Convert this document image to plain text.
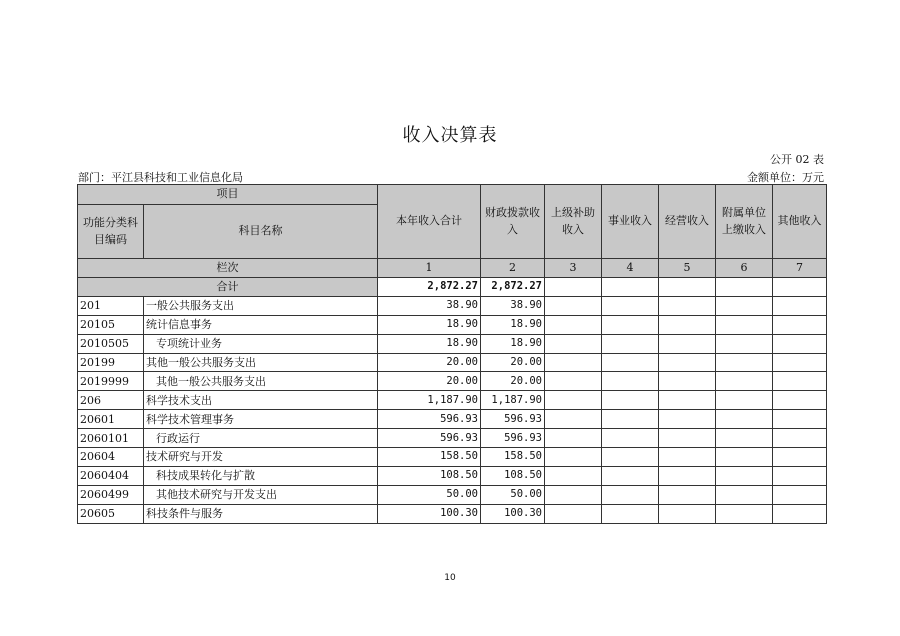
收入决算表
公开 02 表
部门：平江县科技和工业信息化局	金额单位：万元
项目		本年收入合计	财政拨款收入	上级补助收入	事业收入	经营收入	附属单位上缴收入	其他收入
功能分类科目编码	科目名称							
栏次		1	2	3	4	5	6	7
合计		2,872.27	2,872.27					
201	一般公共服务支出	38.90	38.90					
20105	统计信息事务	18.90	18.90					
2010505	专项统计业务	18.90	18.90					
20199	其他一般公共服务支出	20.00	20.00					
2019999	其他一般公共服务支出	20.00	20.00					
206	科学技术支出	1,187.90	1,187.90					
20601	科学技术管理事务	596.93	596.93					
2060101	行政运行	596.93	596.93					
20604	技术研究与开发	158.50	158.50					
2060404	科技成果转化与扩散	108.50	108.50					
2060499	其他技术研究与开发支出	50.00	50.00					
20605	科技条件与服务	100.30	100.30					
10
